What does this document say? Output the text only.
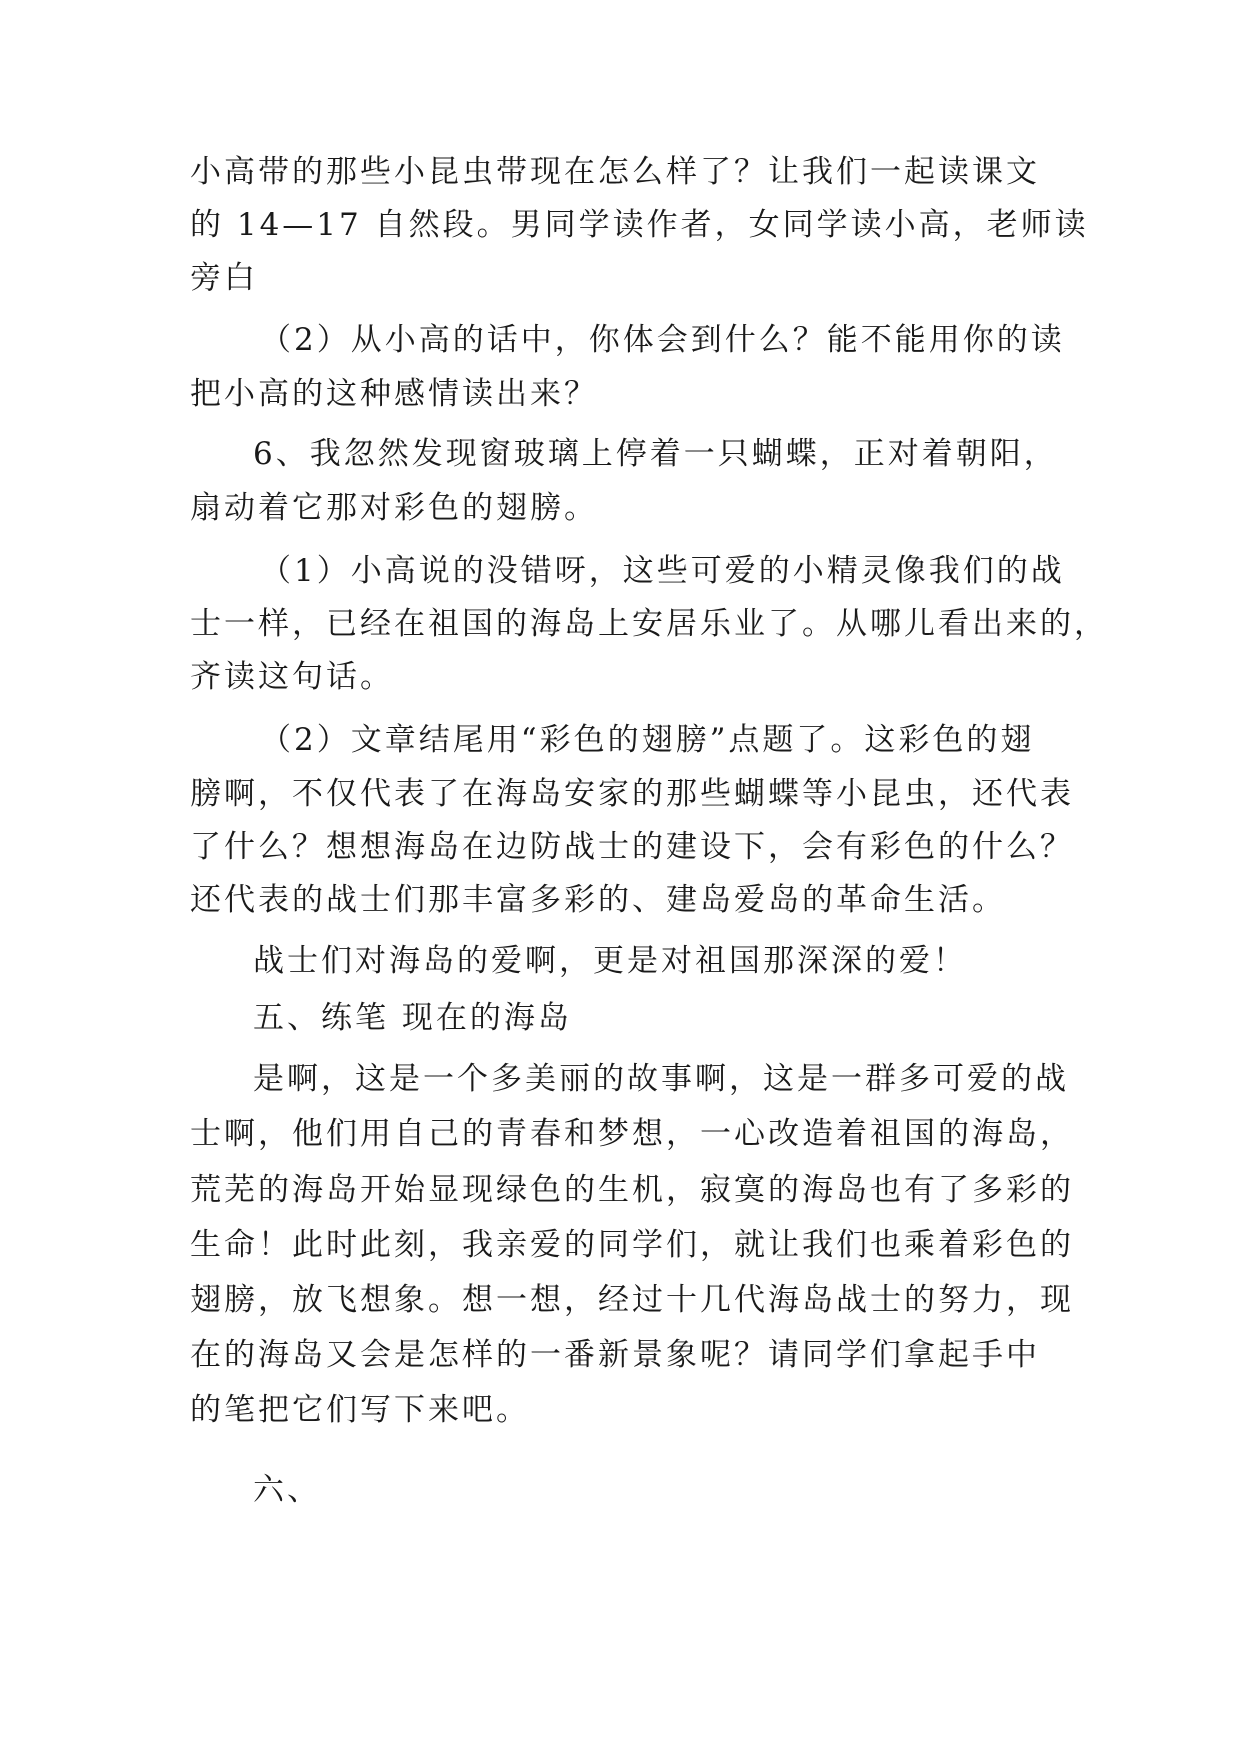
小高带的那些小昆虫带现在怎么样了？让我们一起读课文
的 14—17 自然段。男同学读作者，女同学读小高，老师读
旁白
（2）从小高的话中，你体会到什么？能不能用你的读
把小高的这种感情读出来？
6、我忽然发现窗玻璃上停着一只蝴蝶，正对着朝阳，
扇动着它那对彩色的翅膀。
（1）小高说的没错呀，这些可爱的小精灵像我们的战
士一样，已经在祖国的海岛上安居乐业了。从哪儿看出来的，
齐读这句话。
（2）文章结尾用“彩色的翅膀”点题了。这彩色的翅
膀啊，不仅代表了在海岛安家的那些蝴蝶等小昆虫，还代表
了什么？想想海岛在边防战士的建设下，会有彩色的什么？
还代表的战士们那丰富多彩的、建岛爱岛的革命生活。
战士们对海岛的爱啊，更是对祖国那深深的爱！
五、练笔 现在的海岛
是啊，这是一个多美丽的故事啊，这是一群多可爱的战
士啊，他们用自己的青春和梦想，一心改造着祖国的海岛，
荒芜的海岛开始显现绿色的生机，寂寞的海岛也有了多彩的
生命！此时此刻，我亲爱的同学们，就让我们也乘着彩色的
翅膀，放飞想象。想一想，经过十几代海岛战士的努力，现
在的海岛又会是怎样的一番新景象呢？请同学们拿起手中
的笔把它们写下来吧。
六、
